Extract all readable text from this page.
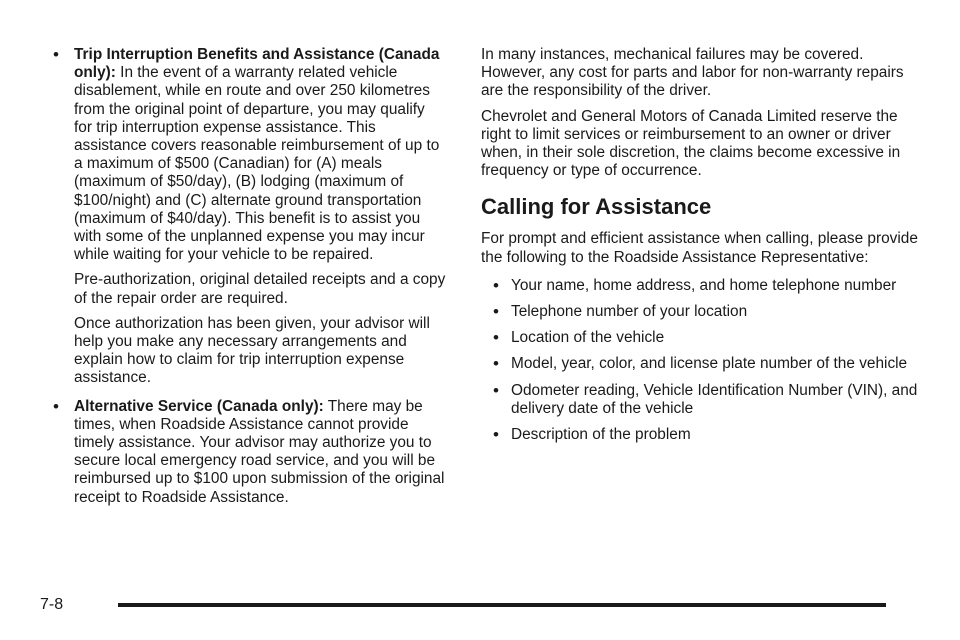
• Trip Interruption Benefits and Assistance (Canada only): In the event of a warranty related vehicle disablement, while en route and over 250 kilometres from the original point of departure, you may qualify for trip interruption expense assistance. This assistance covers reasonable reimbursement of up to a maximum of $500 (Canadian) for (A) meals (maximum of $50/day), (B) lodging (maximum of $100/night) and (C) alternate ground transportation (maximum of $40/day). This benefit is to assist you with some of the unplanned expense you may incur while waiting for your vehicle to be repaired.

Pre-authorization, original detailed receipts and a copy of the repair order are required.

Once authorization has been given, your advisor will help you make any necessary arrangements and explain how to claim for trip interruption expense assistance.

• Alternative Service (Canada only): There may be times, when Roadside Assistance cannot provide timely assistance. Your advisor may authorize you to secure local emergency road service, and you will be reimbursed up to $100 upon submission of the original receipt to Roadside Assistance.

In many instances, mechanical failures may be covered. However, any cost for parts and labor for non-warranty repairs are the responsibility of the driver.

Chevrolet and General Motors of Canada Limited reserve the right to limit services or reimbursement to an owner or driver when, in their sole discretion, the claims become excessive in frequency or type of occurrence.

Calling for Assistance

For prompt and efficient assistance when calling, please provide the following to the Roadside Assistance Representative:

• Your name, home address, and home telephone number
• Telephone number of your location
• Location of the vehicle
• Model, year, color, and license plate number of the vehicle
• Odometer reading, Vehicle Identification Number (VIN), and delivery date of the vehicle
• Description of the problem
7-8
